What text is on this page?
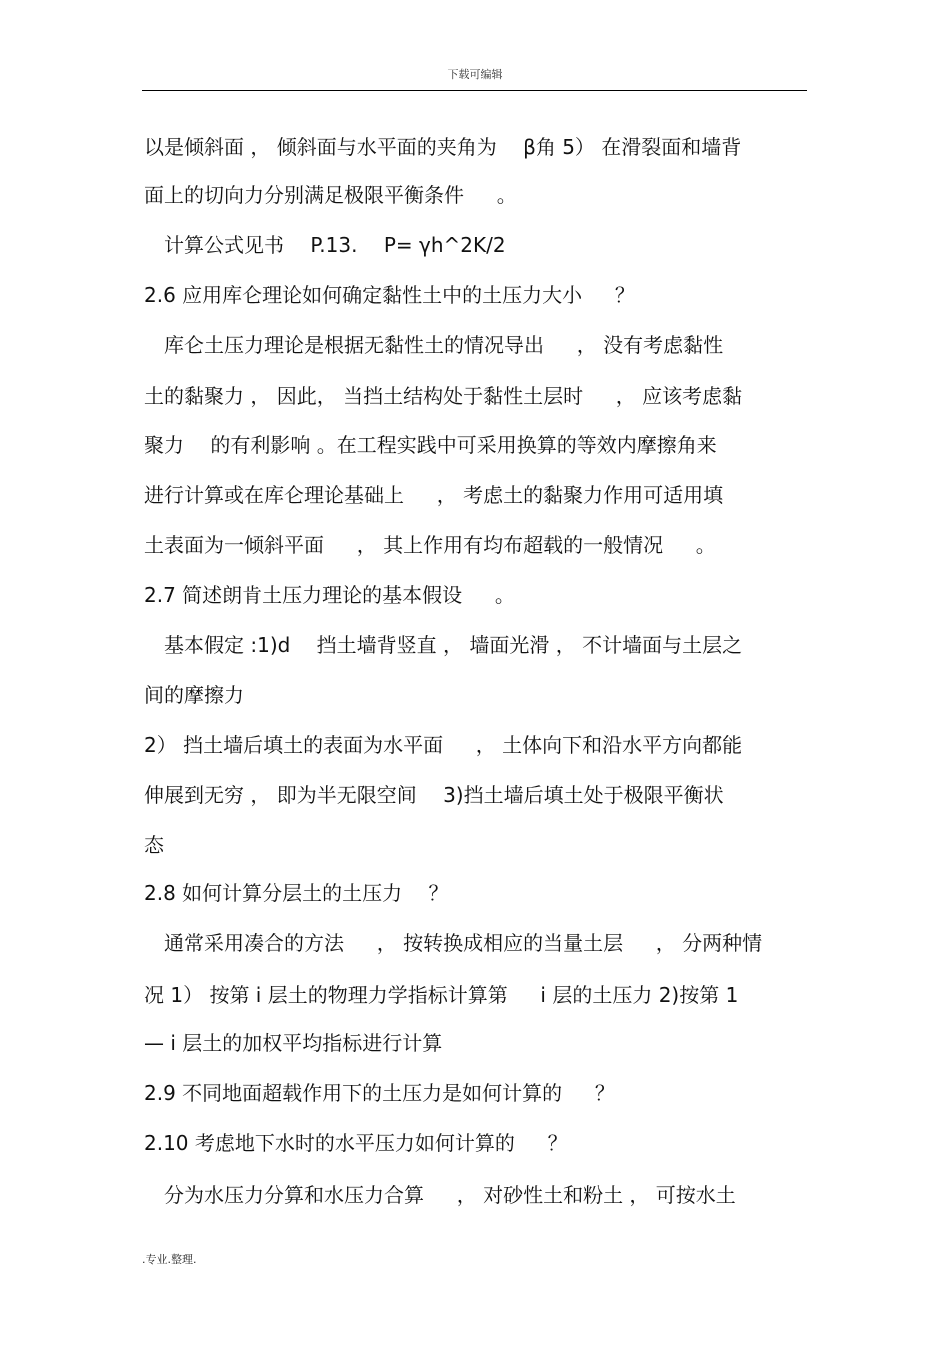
下载可编辑
以是倾斜面 ， 倾斜面与水平面的夹角为 　β角 5） 在滑裂面和墙背
面上的切向力分别满足极限平衡条件 　 。
　计算公式见书 　P.13. 　P= γh^2K/2
2.6 应用库仑理论如何确定黏性土中的土压力大小 　 ？
　库仑土压力理论是根据无黏性土的情况导出 　 ， 没有考虑黏性
土的黏聚力 ， 因此， 当挡土结构处于黏性土层时 　 ， 应该考虑黏
聚力 　的有利影响 。在工程实践中可采用换算的等效内摩擦角来
进行计算或在库仑理论基础上 　 ， 考虑土的黏聚力作用可适用填
土表面为一倾斜平面 　 ， 其上作用有均布超载的一般情况 　 。
2.7 简述朗肯土压力理论的基本假设 　 。
　基本假定 :1)d 　挡土墙背竖直 ， 墙面光滑 ， 不计墙面与土层之
间的摩擦力
2） 挡土墙后填土的表面为水平面 　 ， 土体向下和沿水平方向都能
伸展到无穷 ， 即为半无限空间 　3)挡土墙后填土处于极限平衡状
态
2.8 如何计算分层土的土压力 　？
　通常采用凑合的方法 　 ， 按转换成相应的当量土层 　 ， 分两种情
况 1） 按第 i 层土的物理力学指标计算第 　 i 层的土压力 2)按第 1
— i 层土的加权平均指标进行计算
2.9 不同地面超载作用下的土压力是如何计算的 　 ？
2.10 考虑地下水时的水平压力如何计算的 　 ？
　分为水压力分算和水压力合算 　 ， 对砂性土和粉土 ， 可按水土
.专业.整理.
